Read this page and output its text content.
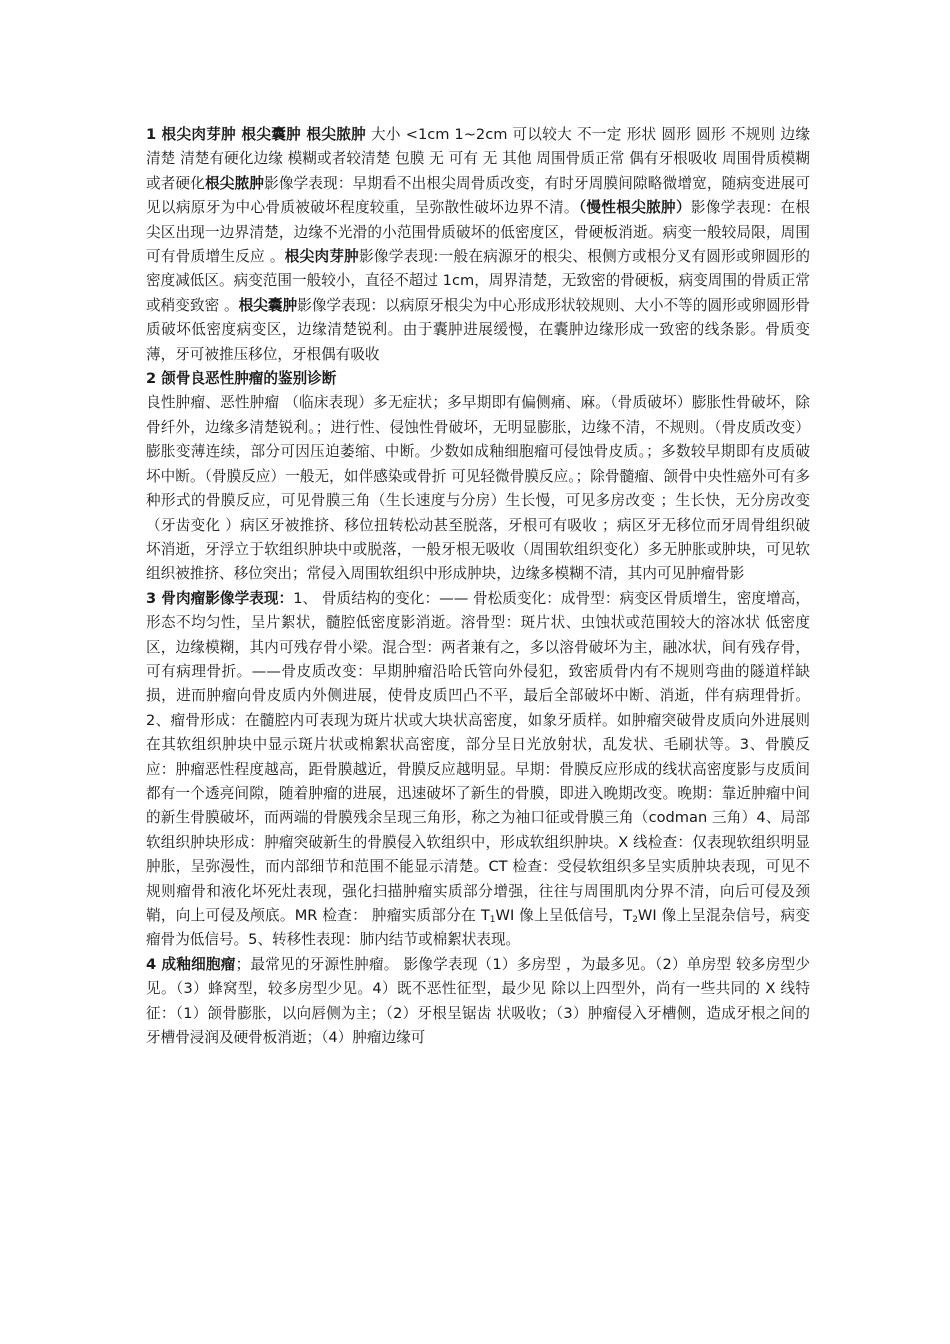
1 根尖肉芽肿 根尖囊肿 根尖脓肿 大小 <1cm 1~2cm 可以较大 不一定 形状 圆形 圆形 不规则 边缘 清楚 清楚有硬化边缘 模糊或者较清楚 包膜 无 可有 无 其他 周围骨质正常 偶有牙根吸收 周围骨质模糊或者硬化根尖脓肿影像学表现：早期看不出根尖周骨质改变，有时牙周膜间隙略微增宽，随病变进展可见以病原牙为中心骨质被破坏程度较重，呈弥散性破坏边界不清。（慢性根尖脓肿）影像学表现：在根尖区出现一边界清楚，边缘不光滑的小范围骨质破坏的低密度区，骨硬板消逝。病变一般较局限，周围可有骨质增生反应 。根尖肉芽肿影像学表现:一般在病源牙的根尖、根侧方或根分叉有圆形或卵圆形的密度减低区。病变范围一般较小，直径不超过 1cm，周界清楚，无致密的骨硬板，病变周围的骨质正常或稍变致密 。根尖囊肿影像学表现：以病原牙根尖为中心形成形状较规则、大小不等的圆形或卵圆形骨质破坏低密度病变区，边缘清楚锐利。由于囊肿进展缓慢，在囊肿边缘形成一致密的线条影。骨质变薄，牙可被推压移位，牙根偶有吸收

2 颌骨良恶性肿瘤的鉴别诊断

良性肿瘤、恶性肿瘤 （临床表现）多无症状；多早期即有偏侧痛、麻。（骨质破坏）膨胀性骨破坏，除骨纤外，边缘多清楚锐利。；进行性、侵蚀性骨破坏，无明显膨胀，边缘不清，不规则。（骨皮质改变）膨胀变薄连续，部分可因压迫萎缩、中断。少数如成釉细胞瘤可侵蚀骨皮质。；多数较早期即有皮质破坏中断。（骨膜反应）一般无，如伴感染或骨折 可见轻微骨膜反应。；除骨髓瘤、颌骨中央性癌外可有多种形式的骨膜反应，可见骨膜三角（生长速度与分房）生长慢，可见多房改变 ；生长快，无分房改变（牙齿变化 ）病区牙被推挤、移位扭转松动甚至脱落，牙根可有吸收 ；病区牙无移位而牙周骨组织破坏消逝，牙浮立于软组织肿块中或脱落，一般牙根无吸收（周围软组织变化）多无肿胀或肿块，可见软组织被推挤、移位突出；常侵入周围软组织中形成肿块，边缘多模糊不清，其内可见肿瘤骨影

3 骨肉瘤影像学表现：1、 骨质结构的变化：—— 骨松质变化：成骨型：病变区骨质增生，密度增高，形态不均匀性，呈片絮状，髓腔低密度影消逝。溶骨型：斑片状、虫蚀状或范围较大的溶冰状 低密度区，边缘模糊，其内可残存骨小梁。混合型：两者兼有之，多以溶骨破坏为主，融冰状，间有残存骨，可有病理骨折。——骨皮质改变：早期肿瘤沿哈氏管向外侵犯，致密质骨内有不规则弯曲的隧道样缺损，进而肿瘤向骨皮质内外侧进展，使骨皮质凹凸不平，最后全部破坏中断、消逝，伴有病理骨折。2、瘤骨形成：在髓腔内可表现为斑片状或大块状高密度，如象牙质样。如肿瘤突破骨皮质向外进展则在其软组织肿块中显示斑片状或棉絮状高密度，部分呈日光放射状，乱发状、毛刷状等。3、骨膜反应：肿瘤恶性程度越高，距骨膜越近，骨膜反应越明显。早期：骨膜反应形成的线状高密度影与皮质间都有一个透亮间隙，随着肿瘤的进展，迅速破坏了新生的骨膜，即进入晚期改变。晚期：靠近肿瘤中间的新生骨膜破坏，而两端的骨膜残余呈现三角形，称之为袖口征或骨膜三角（codman 三角）4、局部软组织肿块形成：肿瘤突破新生的骨膜侵入软组织中，形成软组织肿块。X 线检查：仅表现软组织明显肿胀，呈弥漫性，而内部细节和范围不能显示清楚。CT 检查：受侵软组织多呈实质肿块表现，可见不规则瘤骨和液化坏死灶表现，强化扫描肿瘤实质部分增强，往往与周围肌肉分界不清，向后可侵及颈鞘，向上可侵及颅底。MR 检查： 肿瘤实质部分在 $T_1WI$ 像上呈低信号，$T_2WI$ 像上呈混杂信号，病变瘤骨为低信号。5、转移性表现：肺内结节或棉絮状表现。

4 成釉细胞瘤；最常见的牙源性肿瘤。 影像学表现（1）多房型 ，为最多见。（2）单房型 较多房型少见。（3）蜂窝型，较多房型少见。4）既不恶性征型，最少见 除以上四型外，尚有一些共同的 X 线特征：（1）颌骨膨胀，以向唇侧为主；（2）牙根呈锯齿 状吸收；（3）肿瘤侵入牙槽侧，造成牙根之间的牙槽骨浸润及硬骨板消逝；（4）肿瘤边缘可
